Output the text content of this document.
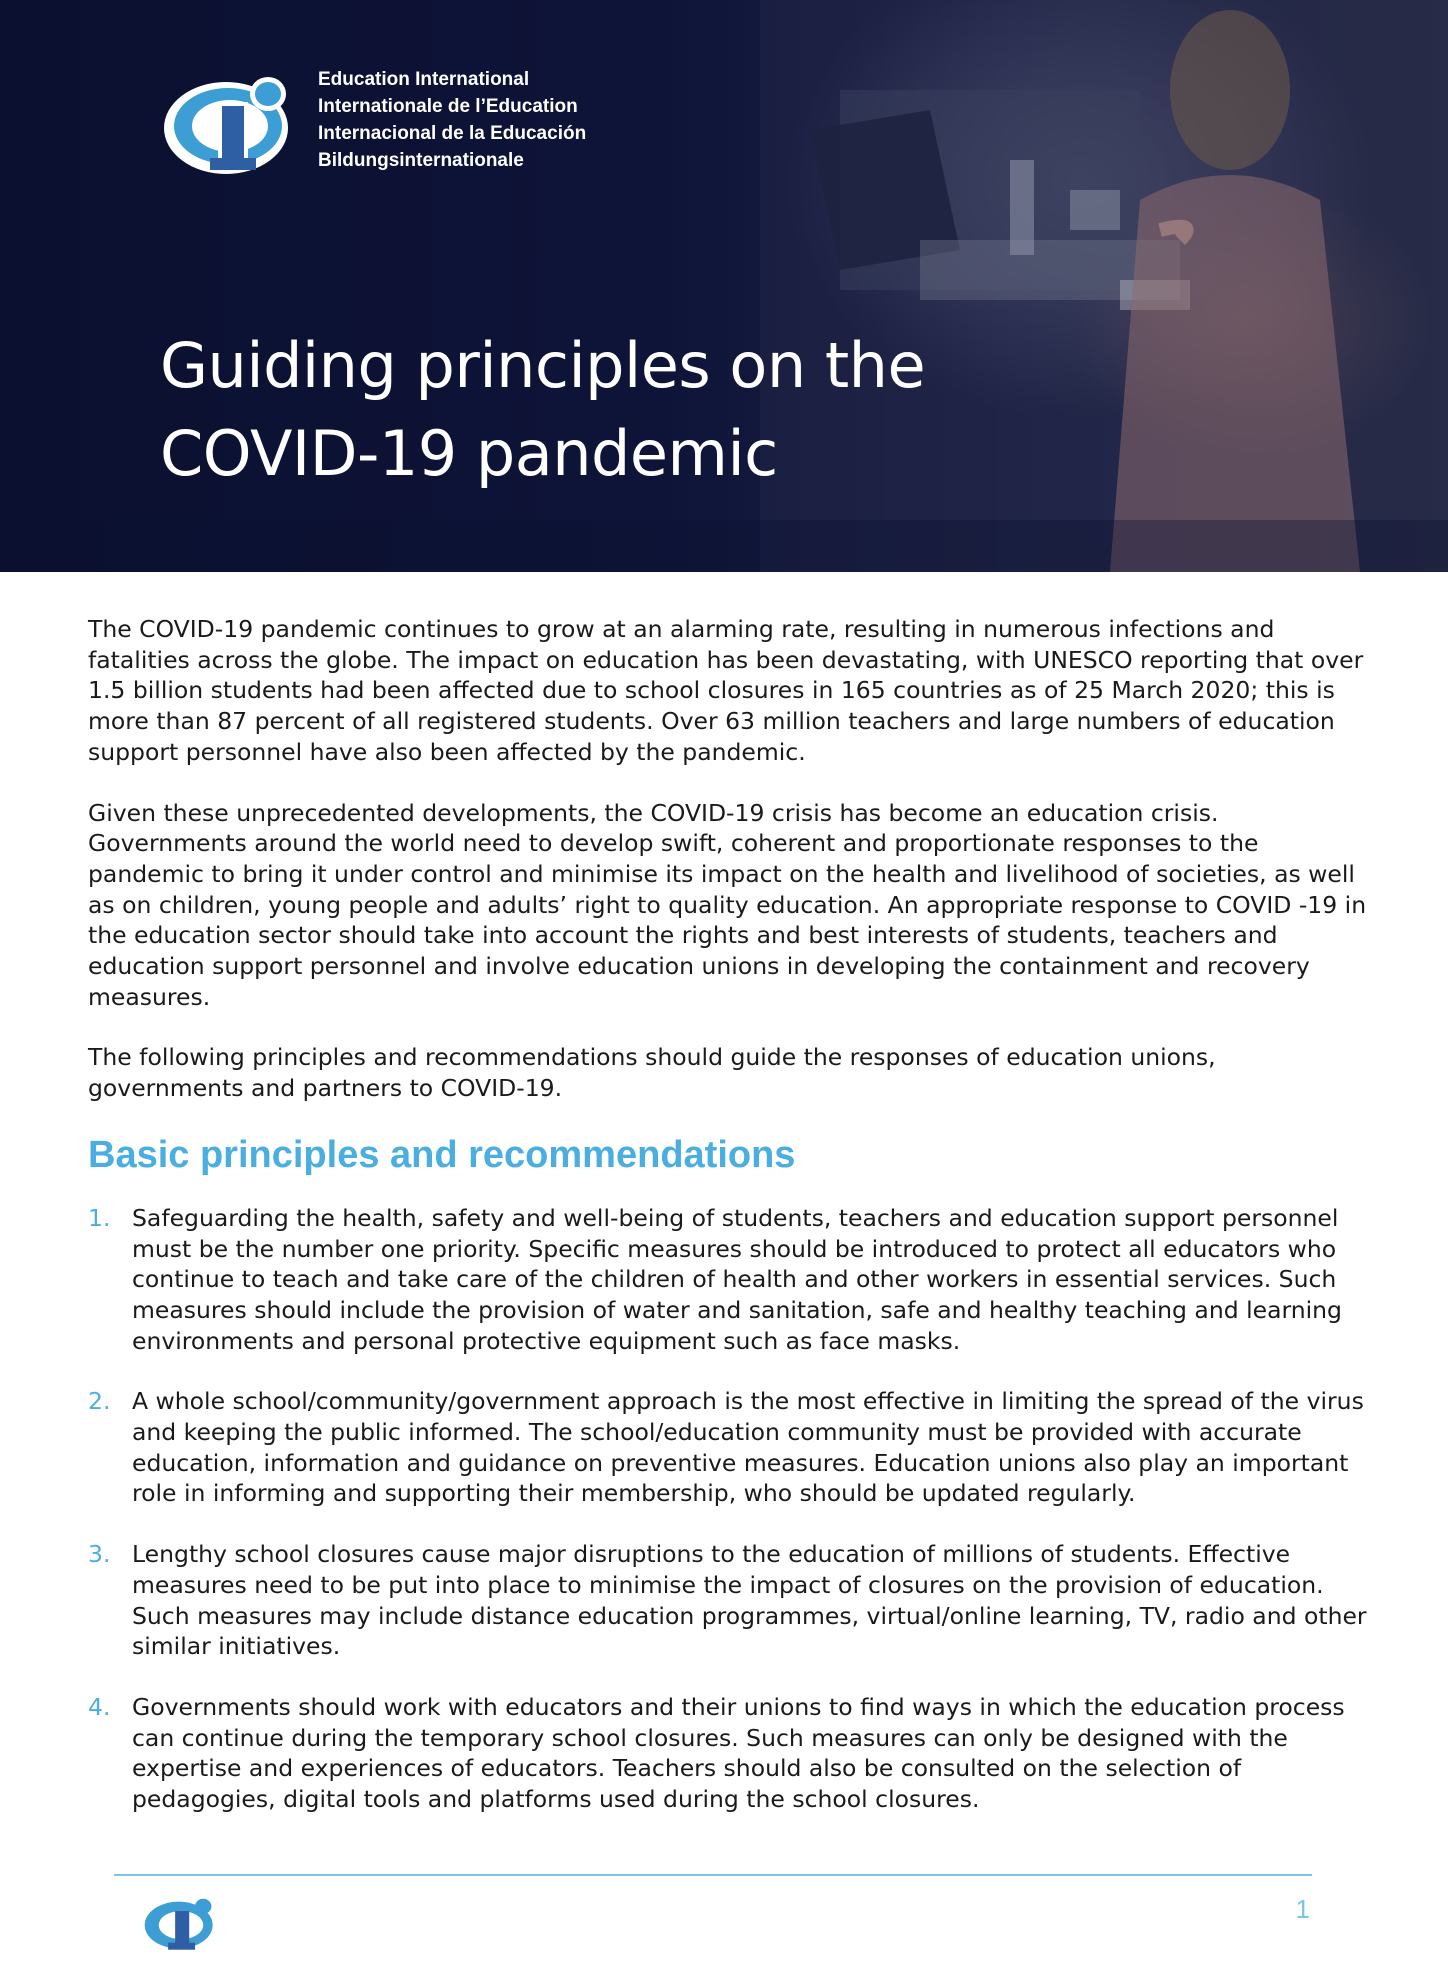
Education International
Internationale de l’Education
Internacional de la Educación
Bildungsinternationale
Guiding principles on the
COVID-19 pandemic

The COVID-19 pandemic continues to grow at an alarming rate, resulting in numerous infections and fatalities across the globe. The impact on education has been devastating, with UNESCO reporting that over 1.5 billion students had been affected due to school closures in 165 countries as of 25 March 2020; this is more than 87 percent of all registered students. Over 63 million teachers and large numbers of education support personnel have also been affected by the pandemic.

Given these unprecedented developments, the COVID-19 crisis has become an education crisis. Governments around the world need to develop swift, coherent and proportionate responses to the pandemic to bring it under control and minimise its impact on the health and livelihood of societies, as well as on children, young people and adults’ right to quality education. An appropriate response to COVID -19 in the education sector should take into account the rights and best interests of students, teachers and education support personnel and involve education unions in developing the containment and recovery measures.

The following principles and recommendations should guide the responses of education unions, governments and partners to COVID-19.

Basic principles and recommendations
1. Safeguarding the health, safety and well-being of students, teachers and education support personnel must be the number one priority. Specific measures should be introduced to protect all educators who continue to teach and take care of the children of health and other workers in essential services. Such measures should include the provision of water and sanitation, safe and healthy teaching and learning environments and personal protective equipment such as face masks.
2. A whole school/community/government approach is the most effective in limiting the spread of the virus and keeping the public informed. The school/education community must be provided with accurate education, information and guidance on preventive measures. Education unions also play an important role in informing and supporting their membership, who should be updated regularly.
3. Lengthy school closures cause major disruptions to the education of millions of students. Effective measures need to be put into place to minimise the impact of closures on the provision of education. Such measures may include distance education programmes, virtual/online learning, TV, radio and other similar initiatives.
4. Governments should work with educators and their unions to find ways in which the education process can continue during the temporary school closures. Such measures can only be designed with the expertise and experiences of educators. Teachers should also be consulted on the selection of pedagogies, digital tools and platforms used during the school closures.
1
